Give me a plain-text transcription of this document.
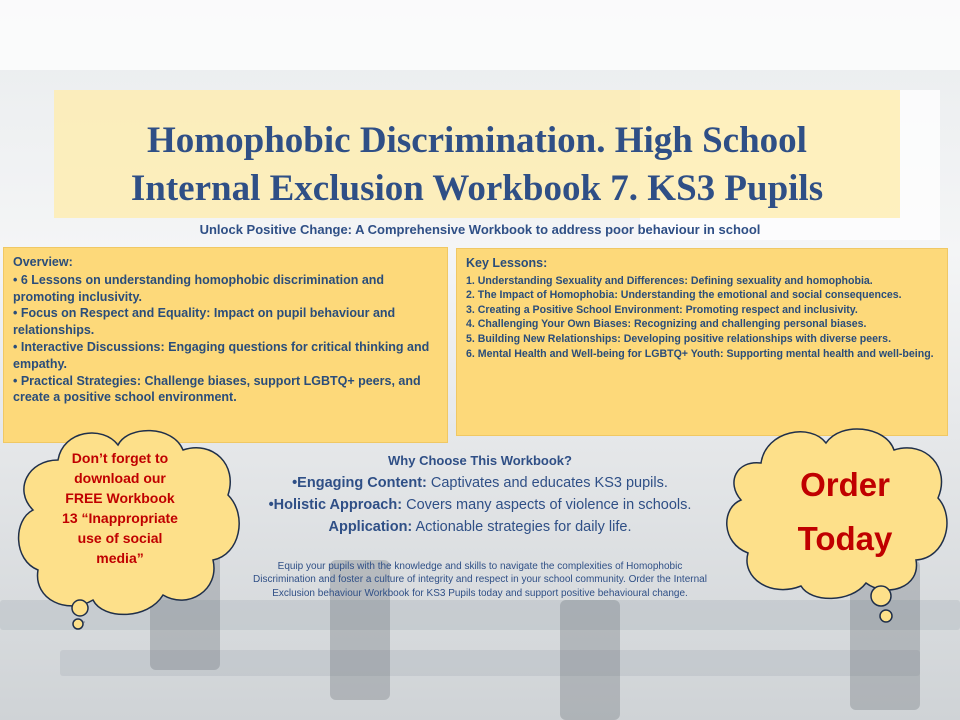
Homophobic Discrimination. High School
Internal Exclusion Workbook 7. KS3 Pupils
Unlock Positive Change: A Comprehensive Workbook to address poor behaviour in school
Overview:

• 6 Lessons on understanding homophobic discrimination and promoting inclusivity.

• Focus on Respect and Equality: Impact on pupil behaviour and relationships.

• Interactive Discussions: Engaging questions for critical thinking and empathy.

• Practical Strategies: Challenge biases, support LGBTQ+ peers, and create a positive school environment.

Key Lessons:

1. Understanding Sexuality and Differences: Defining sexuality and homophobia.

2. The Impact of Homophobia: Understanding the emotional and social consequences.

3. Creating a Positive School Environment: Promoting respect and inclusivity.

4. Challenging Your Own Biases: Recognizing and challenging personal biases.

5. Building New Relationships: Developing positive relationships with diverse peers.

6. Mental Health and Well-being for LGBTQ+ Youth: Supporting mental health and well-being.

Why Choose This Workbook?
•Engaging Content: Captivates and educates KS3 pupils.
•Holistic Approach: Covers many aspects of violence in schools.
Application: Actionable strategies for daily life.
Equip your pupils with the knowledge and skills to navigate the complexities of Homophobic Discrimination and foster a culture of integrity and respect in your school community. Order the Internal Exclusion behaviour Workbook for KS3 Pupils today and support positive behavioural change.
Don’t forget to
download our
FREE Workbook
13 “Inappropriate
use of social
media”
Order
Today
